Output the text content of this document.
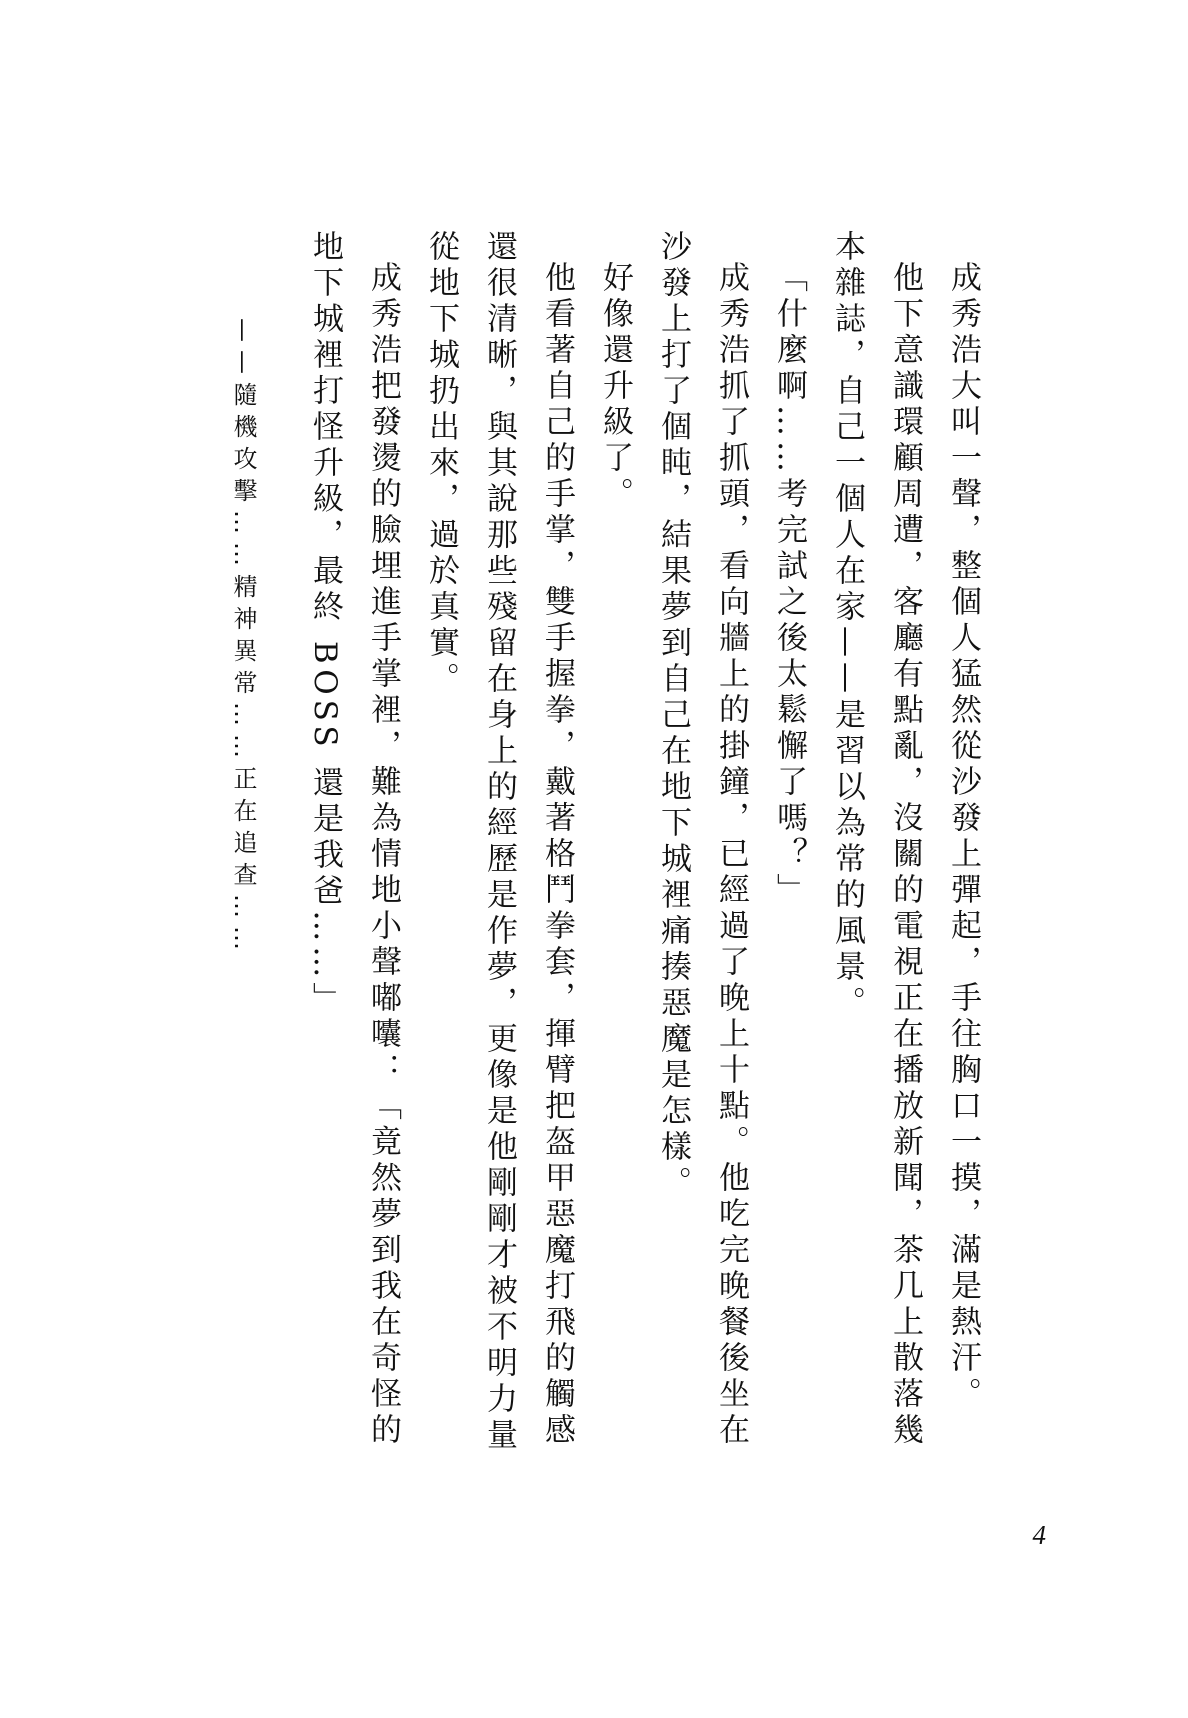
成秀浩大叫一聲，整個人猛然從沙發上彈起，手往胸口一摸，滿是熱汗。

他下意識環顧周遭，客廳有點亂，沒關的電視正在播放新聞，茶几上散落幾本雜誌，自己一個人在家——是習以為常的風景。

「什麼啊……考完試之後太鬆懈了嗎？」

成秀浩抓了抓頭，看向牆上的掛鐘，已經過了晚上十點。他吃完晚餐後坐在沙發上打了個盹，結果夢到自己在地下城裡痛揍惡魔是怎樣。

好像還升級了。

他看著自己的手掌，雙手握拳，戴著格鬥拳套，揮臂把盔甲惡魔打飛的觸感還很清晰，與其說那些殘留在身上的經歷是作夢，更像是他剛剛才被不明力量從地下城扔出來，過於真實。

成秀浩把發燙的臉埋進手掌裡，難為情地小聲嘟囔：「竟然夢到我在奇怪的地下城裡打怪升級，最終 BOSS 還是我爸……」

——隨機攻擊……精神異常……正在追查……
4
